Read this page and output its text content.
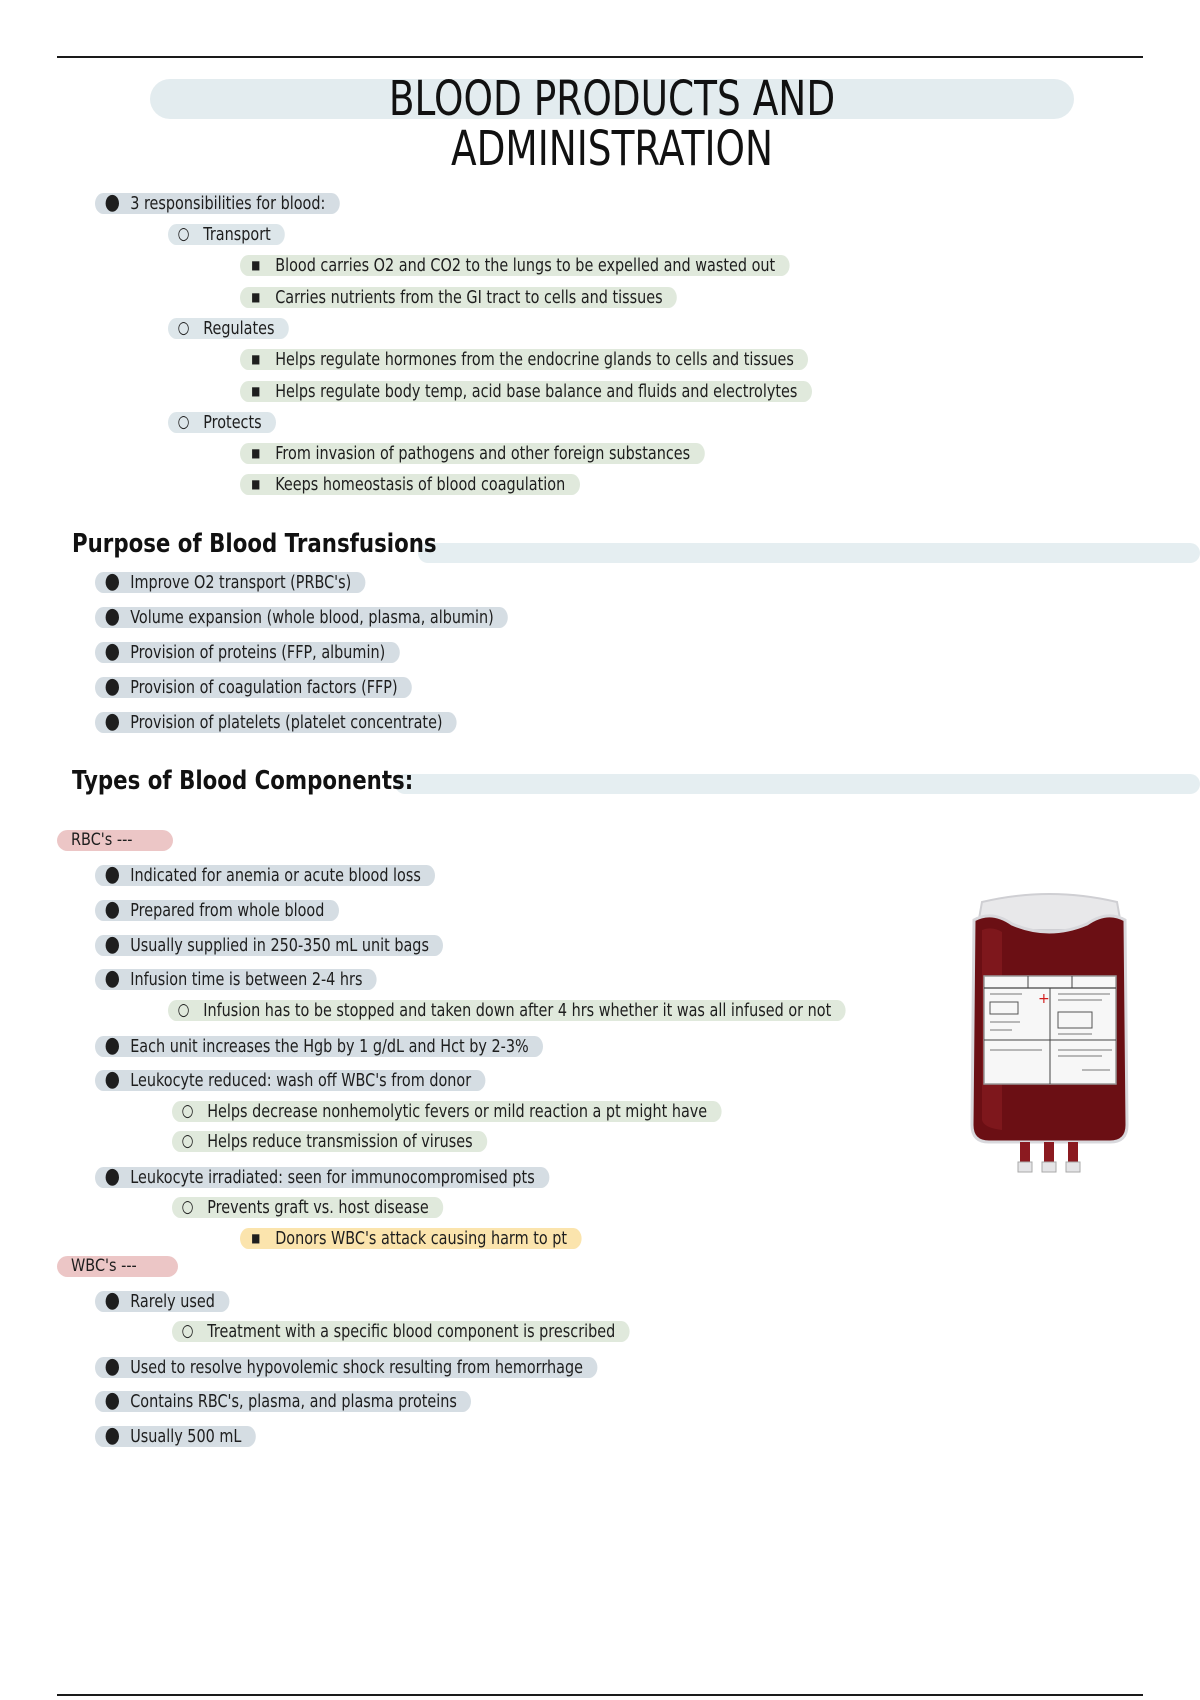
BLOOD PRODUCTS AND ADMINISTRATION
● 3 responsibilities for blood:
○ Transport
■ Blood carries O2 and CO2 to the lungs to be expelled and wasted out
■ Carries nutrients from the GI tract to cells and tissues
○ Regulates
■ Helps regulate hormones from the endocrine glands to cells and tissues
■ Helps regulate body temp, acid base balance and fluids and electrolytes
○ Protects
■ From invasion of pathogens and other foreign substances
■ Keeps homeostasis of blood coagulation
Purpose of Blood Transfusions
● Improve O2 transport (PRBC's)
● Volume expansion (whole blood, plasma, albumin)
● Provision of proteins (FFP, albumin)
● Provision of coagulation factors (FFP)
● Provision of platelets (platelet concentrate)
Types of Blood Components:
RBC's ---
● Indicated for anemia or acute blood loss
● Prepared from whole blood
● Usually supplied in 250-350 mL unit bags
● Infusion time is between 2-4 hrs
○ Infusion has to be stopped and taken down after 4 hrs whether it was all infused or not
● Each unit increases the Hgb by 1 g/dL and Hct by 2-3%
● Leukocyte reduced: wash off WBC's from donor
○ Helps decrease nonhemolytic fevers or mild reaction a pt might have
○ Helps reduce transmission of viruses
● Leukocyte irradiated: seen for immunocompromised pts
○ Prevents graft vs. host disease
■ Donors WBC's attack causing harm to pt
WBC's ---
● Rarely used
○ Treatment with a specific blood component is prescribed
● Used to resolve hypovolemic shock resulting from hemorrhage
● Contains RBC's, plasma, and plasma proteins
● Usually 500 mL
+
